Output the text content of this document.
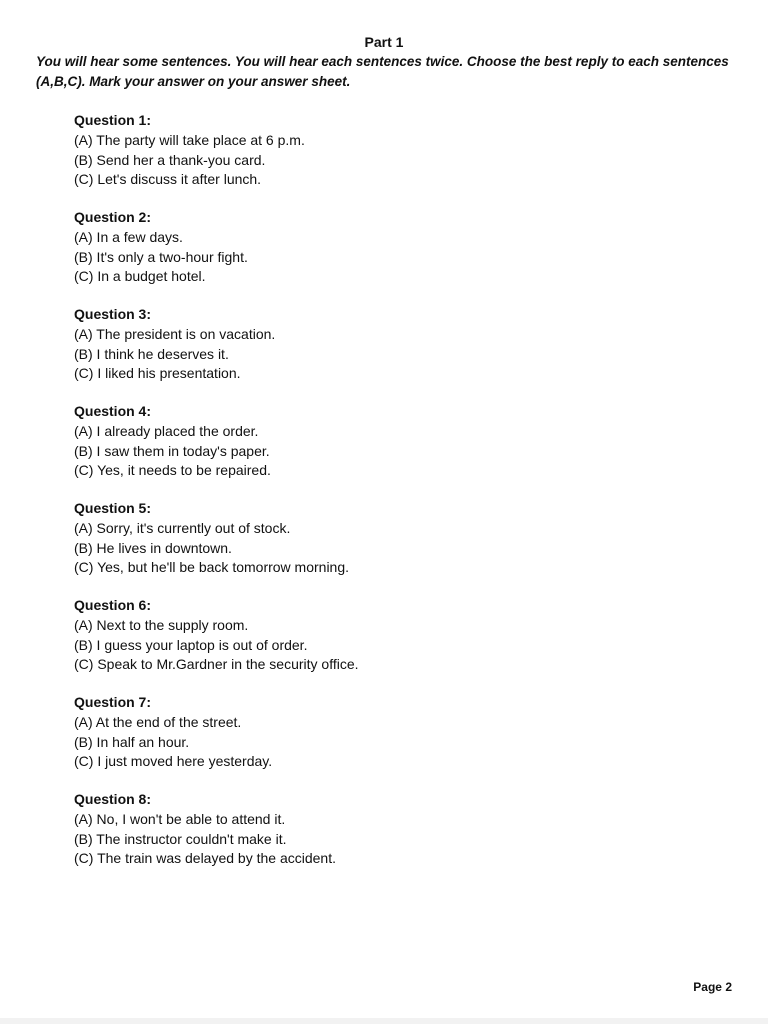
Part 1
You will hear some sentences. You will hear each sentences twice. Choose the best reply to each sentences (A,B,C). Mark your answer on your answer sheet.
Question 1:
(A) The party will take place at 6 p.m.
(B) Send her a thank-you card.
(C) Let's discuss it after lunch.
Question 2:
(A) In a few days.
(B) It's only a two-hour fight.
(C) In a budget hotel.
Question 3:
(A) The president is on vacation.
(B) I think he deserves it.
(C) I liked his presentation.
Question 4:
(A) I already placed the order.
(B) I saw them in today's paper.
(C) Yes, it needs to be repaired.
Question 5:
(A) Sorry, it's currently out of stock.
(B) He lives in downtown.
(C) Yes, but he'll be back tomorrow morning.
Question 6:
(A) Next to the supply room.
(B) I guess your laptop is out of order.
(C) Speak to Mr.Gardner in the security office.
Question 7:
(A) At the end of the street.
(B) In half an hour.
(C) I just moved here yesterday.
Question 8:
(A) No, I won't be able to attend it.
(B) The instructor couldn't make it.
(C) The train was delayed by the accident.
Page 2
